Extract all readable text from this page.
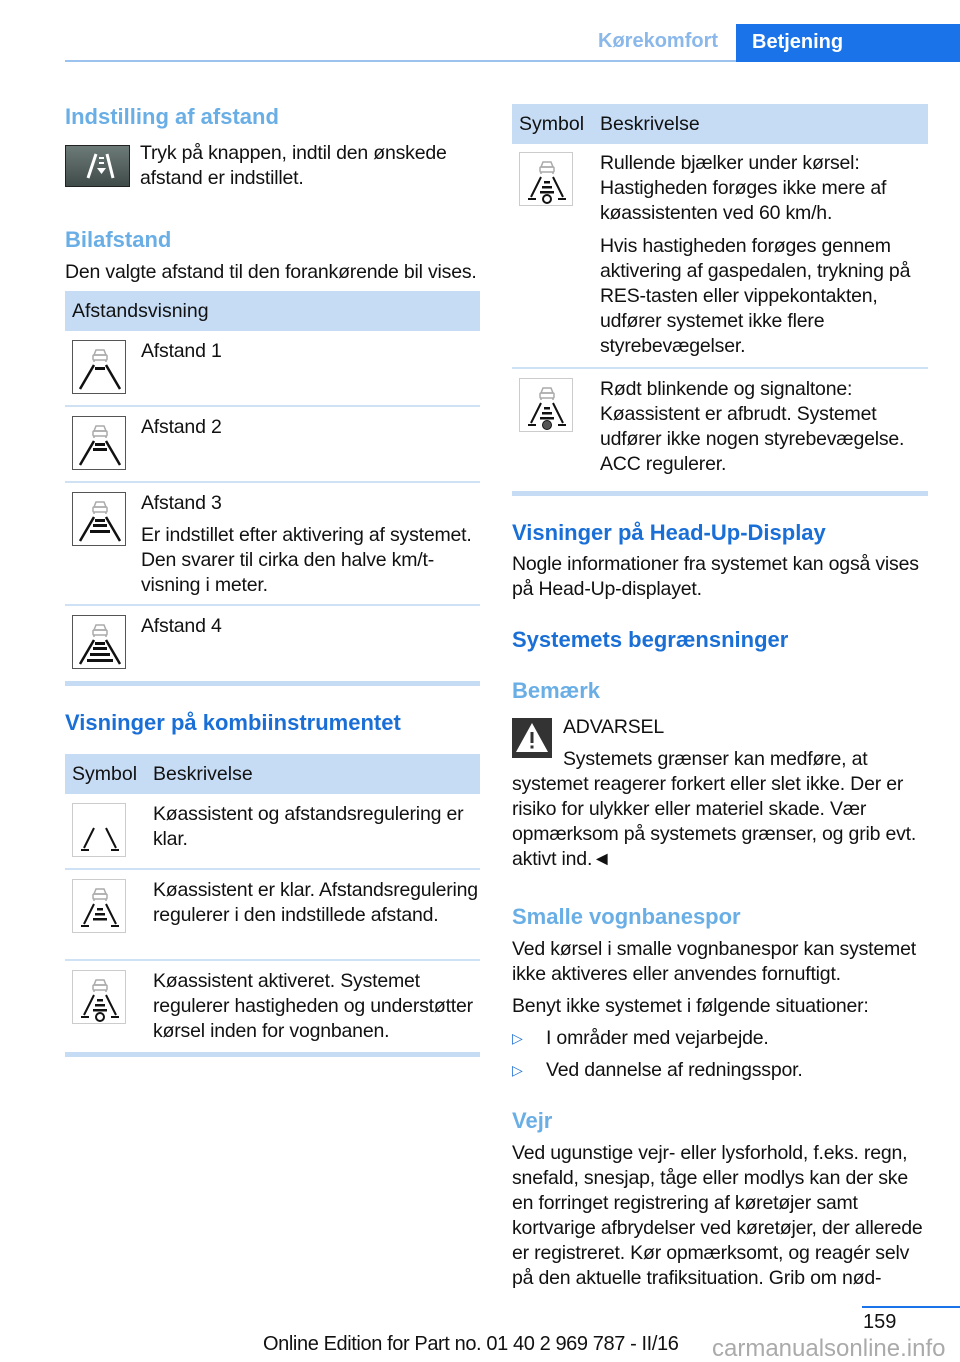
Kørekomfort Betjening
Indstilling af afstand
Tryk på knappen, indtil den ønskede afstand er indstillet.
Bilafstand
Den valgte afstand til den forankørende bil vises.
Afstandsvisning
Afstand 1
Afstand 2
Afstand 3
Er indstillet efter aktivering af systemet. Den svarer til cirka den halve km/t-visning i meter.
Afstand 4
Visninger på kombiinstrumentet
Symbol Beskrivelse
Køassistent og afstandsregulering er klar.
Køassistent er klar. Afstandsregulering regulerer i den indstillede afstand.
Køassistent aktiveret. Systemet regulerer hastigheden og understøtter kørsel inden for vognbanen.
Symbol Beskrivelse
Rullende bjælker under kørsel: Hastigheden forøges ikke mere af køassistenten ved 60 km/h.
Hvis hastigheden forøges gennem aktivering af gaspedalen, trykning på RES-tasten eller vippekontakten, udfører systemet ikke flere styrebevægelser.
Rødt blinkende og signaltone: Køassistent er afbrudt. Systemet udfører ikke nogen styrebevægelse. ACC regulerer.
Visninger på Head-Up-Display
Nogle informationer fra systemet kan også vises på Head-Up-displayet.
Systemets begrænsninger
Bemærk
ADVARSEL
Systemets grænser kan medføre, at systemet reagerer forkert eller slet ikke. Der er risiko for ulykker eller materiel skade. Vær opmærksom på systemets grænser, og grib evt. aktivt ind.◄
Smalle vognbanespor
Ved kørsel i smalle vognbanespor kan systemet ikke aktiveres eller anvendes fornuftigt.
Benyt ikke systemet i følgende situationer:
▷ I områder med vejarbejde.
▷ Ved dannelse af redningsspor.
Vejr
Ved ugunstige vejr- eller lysforhold, f.eks. regn, snefald, snesjap, tåge eller modlys kan der ske en forringet registrering af køretøjer samt kortvarige afbrydelser ved køretøjer, der allerede er registreret. Kør opmærksomt, og reagér selv på den aktuelle trafiksituation. Grib om nød-
159
Online Edition for Part no. 01 40 2 969 787 - II/16 carmanualsonline.info
